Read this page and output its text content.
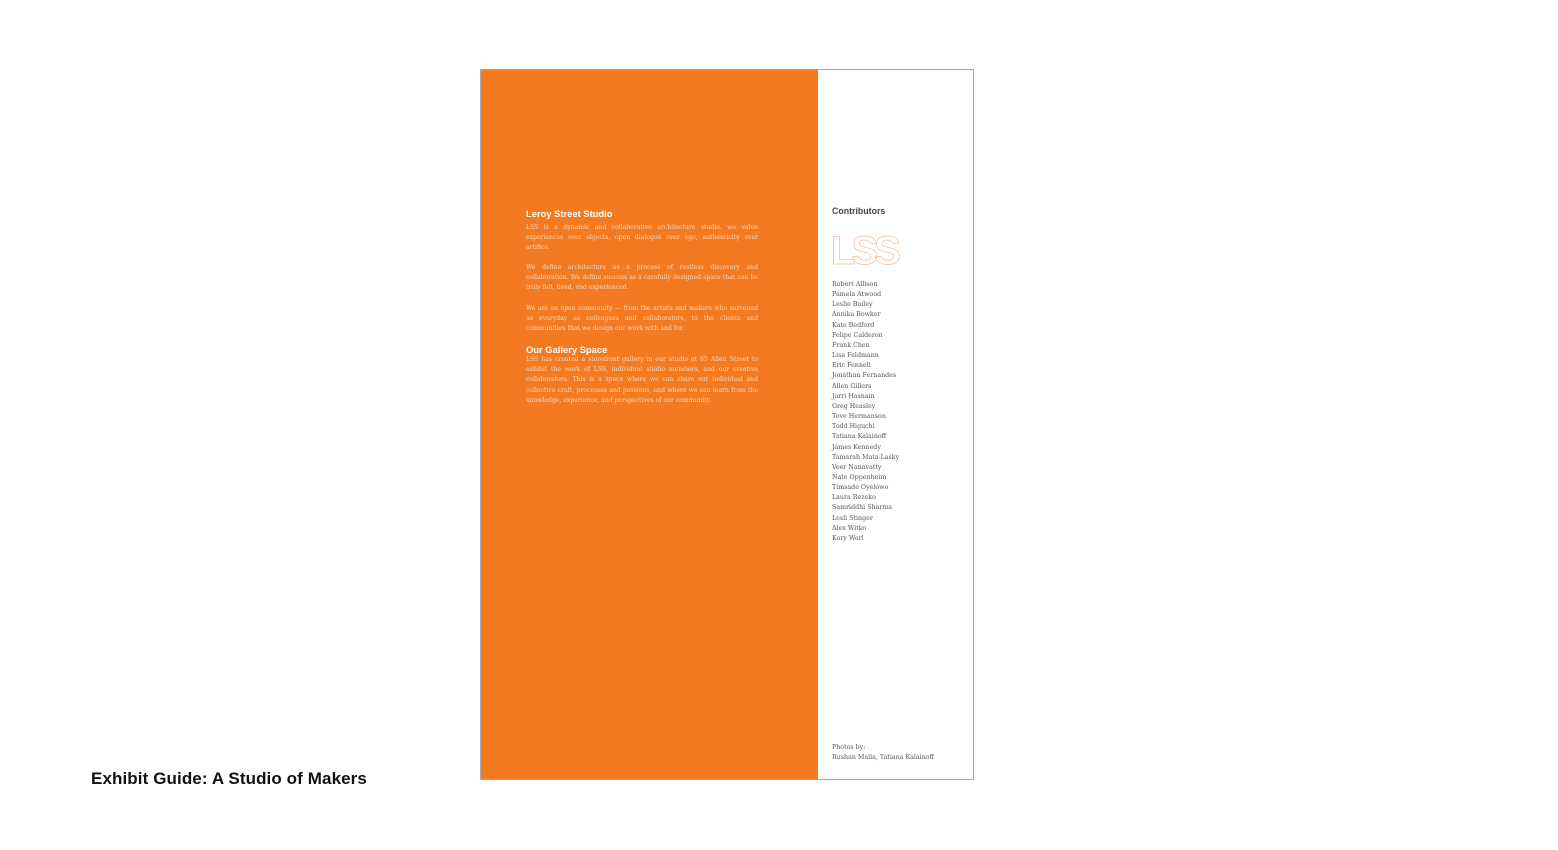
Exhibit Guide: A Studio of Makers
Leroy Street Studio
LSS is a dynamic and collaborative architecture studio. we value experiences over objects, open dialogue over ego, authenticity over artifice.
We define architecture as a process of restless discovery and collaboration. We define success as a carefully designed space that can be truly felt, lived, and experienced.
We are an open community — from the artists and makers who surround us everyday as colleagues and collaborators, to the clients and communities that we design our work with and for.
Our Gallery Space
LSS has created a storefront gallery in our studio at 65 Allen Street to exhibit the work of LSS, individual studio members, and our creative collaborators. This is a space where we can share our individual and collective craft, processes and passions, and where we can learn from the knowledge, experience, and perspectives of our community.
Contributors
LSS
Robert Allison
Pamela Atwood
Leslie Bailey
Annika Bowker
Kate Bedford
Felipe Calderon
Frank Chen
Lisa Feldmann
Eric Fennell
Jonathan Fernandes
Allen Gillers
Jarri Hasnain
Greg Heasley
Tove Hermanson
Todd Higuchi
Tatiana Kalainoff
James Kennedy
Tamarah Mata-Lasky
Veer Nanavatty
Nate Oppenheim
Timsade Oyelowo
Laura Rezeko
Samriddhi Sharma
Lesli Stinger
Alex Witko
Kory Werl
Photos by:
Rushan Malla, Tatiana Kalainoff
